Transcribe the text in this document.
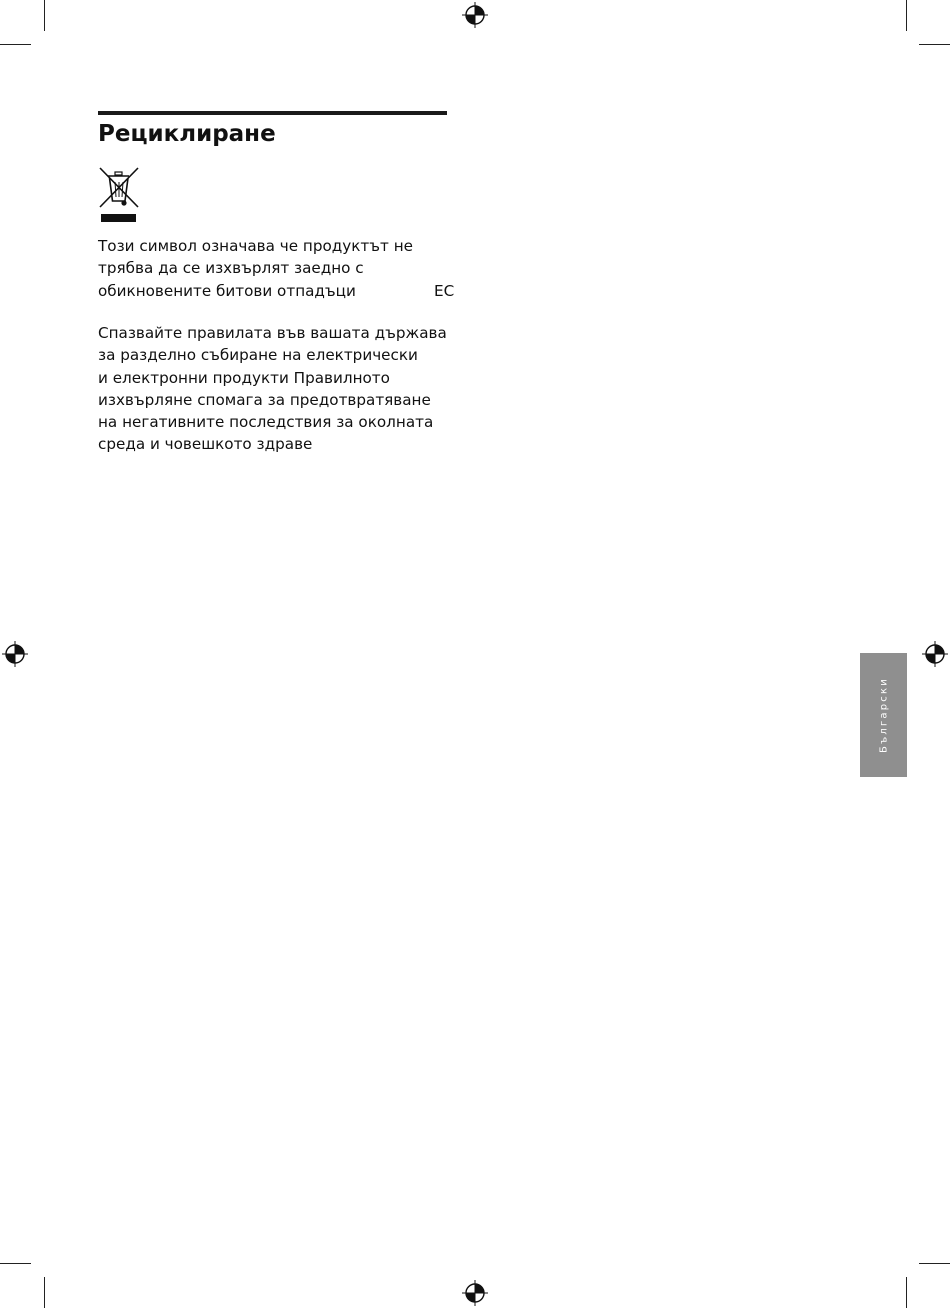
Рециклиране

Този символ означава че продуктът не
трябва да се изхвърлят заедно с
обикновените битови отпадъци	ЕС

Спазвайте правилата във вашата държава
за разделно събиране на електрически
и електронни продукти Правилното
изхвърляне спомага за предотвратяване
на негативните последствия за околната
среда и човешкото здраве

Български
